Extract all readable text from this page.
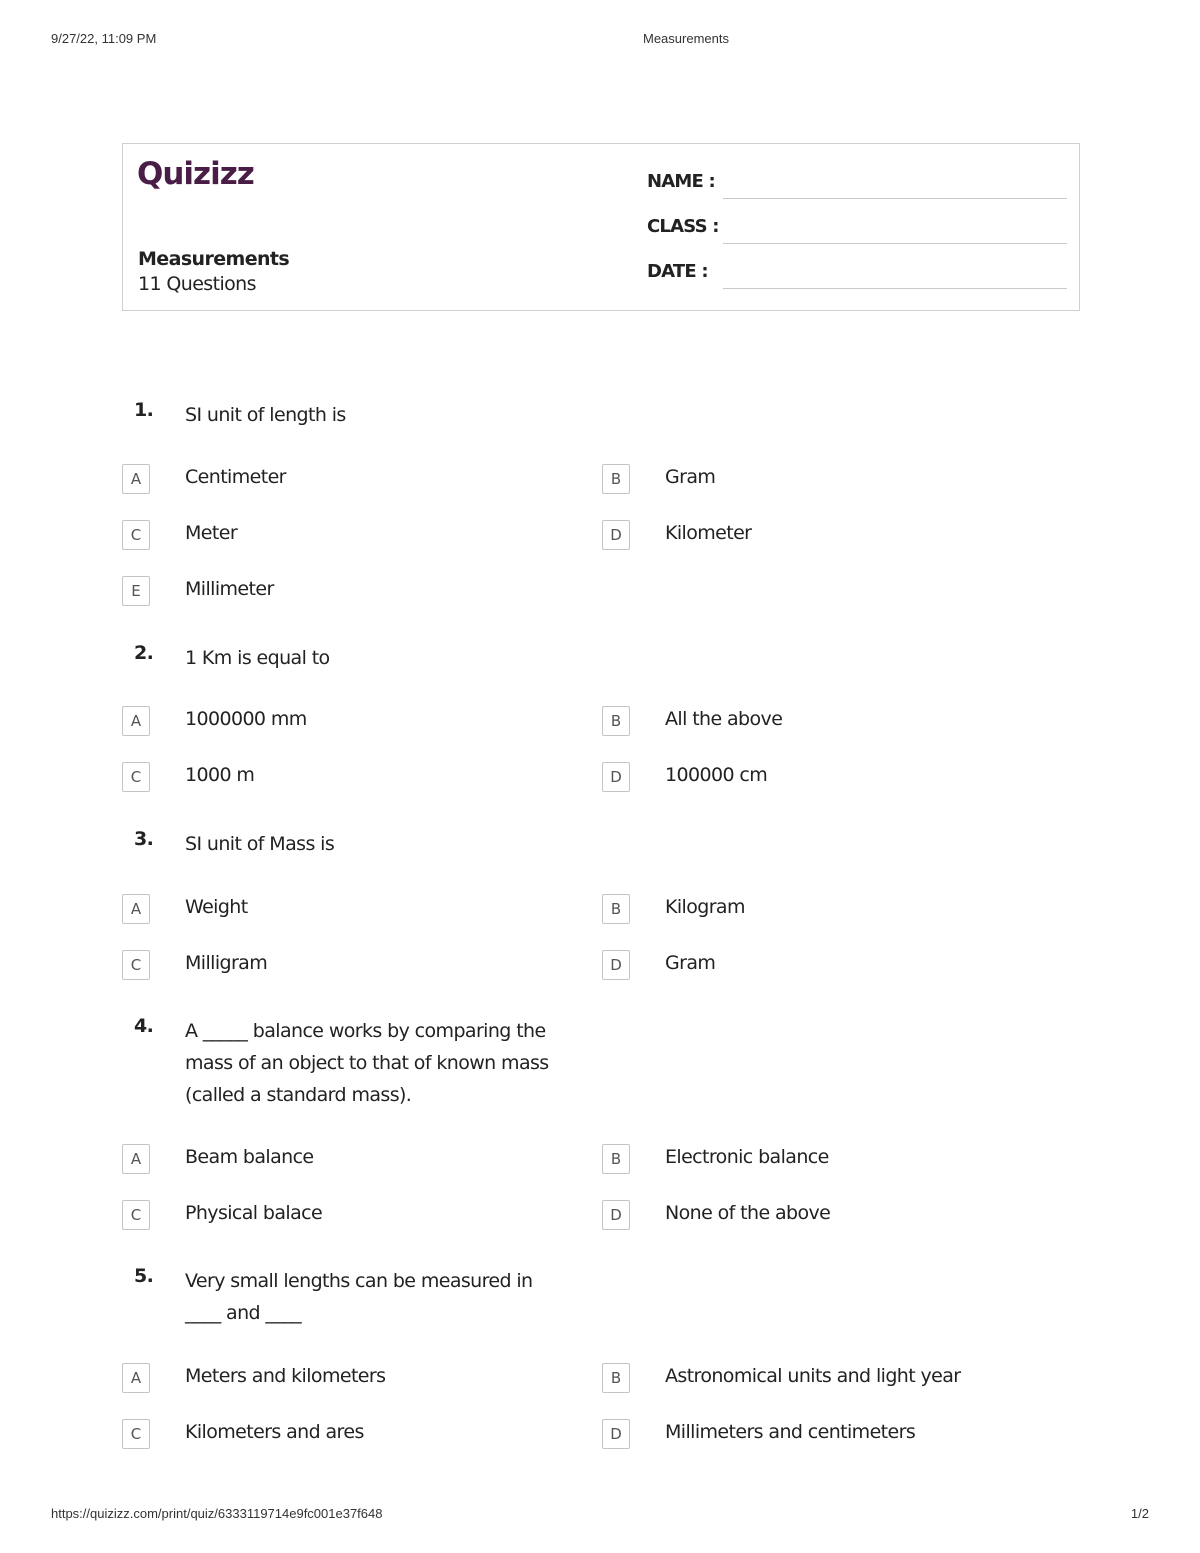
9/27/22, 11:09 PM	Measurements
Quizizz
Measurements
11 Questions
NAME :
CLASS :
DATE :
1. SI unit of length is
A	Centimeter	B	Gram
C	Meter	D	Kilometer
E	Millimeter
2. 1 Km is equal to
A	1000000 mm	B	All the above
C	1000 m	D	100000 cm
3. SI unit of Mass is
A	Weight	B	Kilogram
C	Milligram	D	Gram
4. A _____ balance works by comparing the mass of an object to that of known mass (called a standard mass).
A	Beam balance	B	Electronic balance
C	Physical balace	D	None of the above
5. Very small lengths can be measured in ____ and ____
A	Meters and kilometers	B	Astronomical units and light year
C	Kilometers and ares	D	Millimeters and centimeters
https://quizizz.com/print/quiz/6333119714e9fc001e37f648	1/2
